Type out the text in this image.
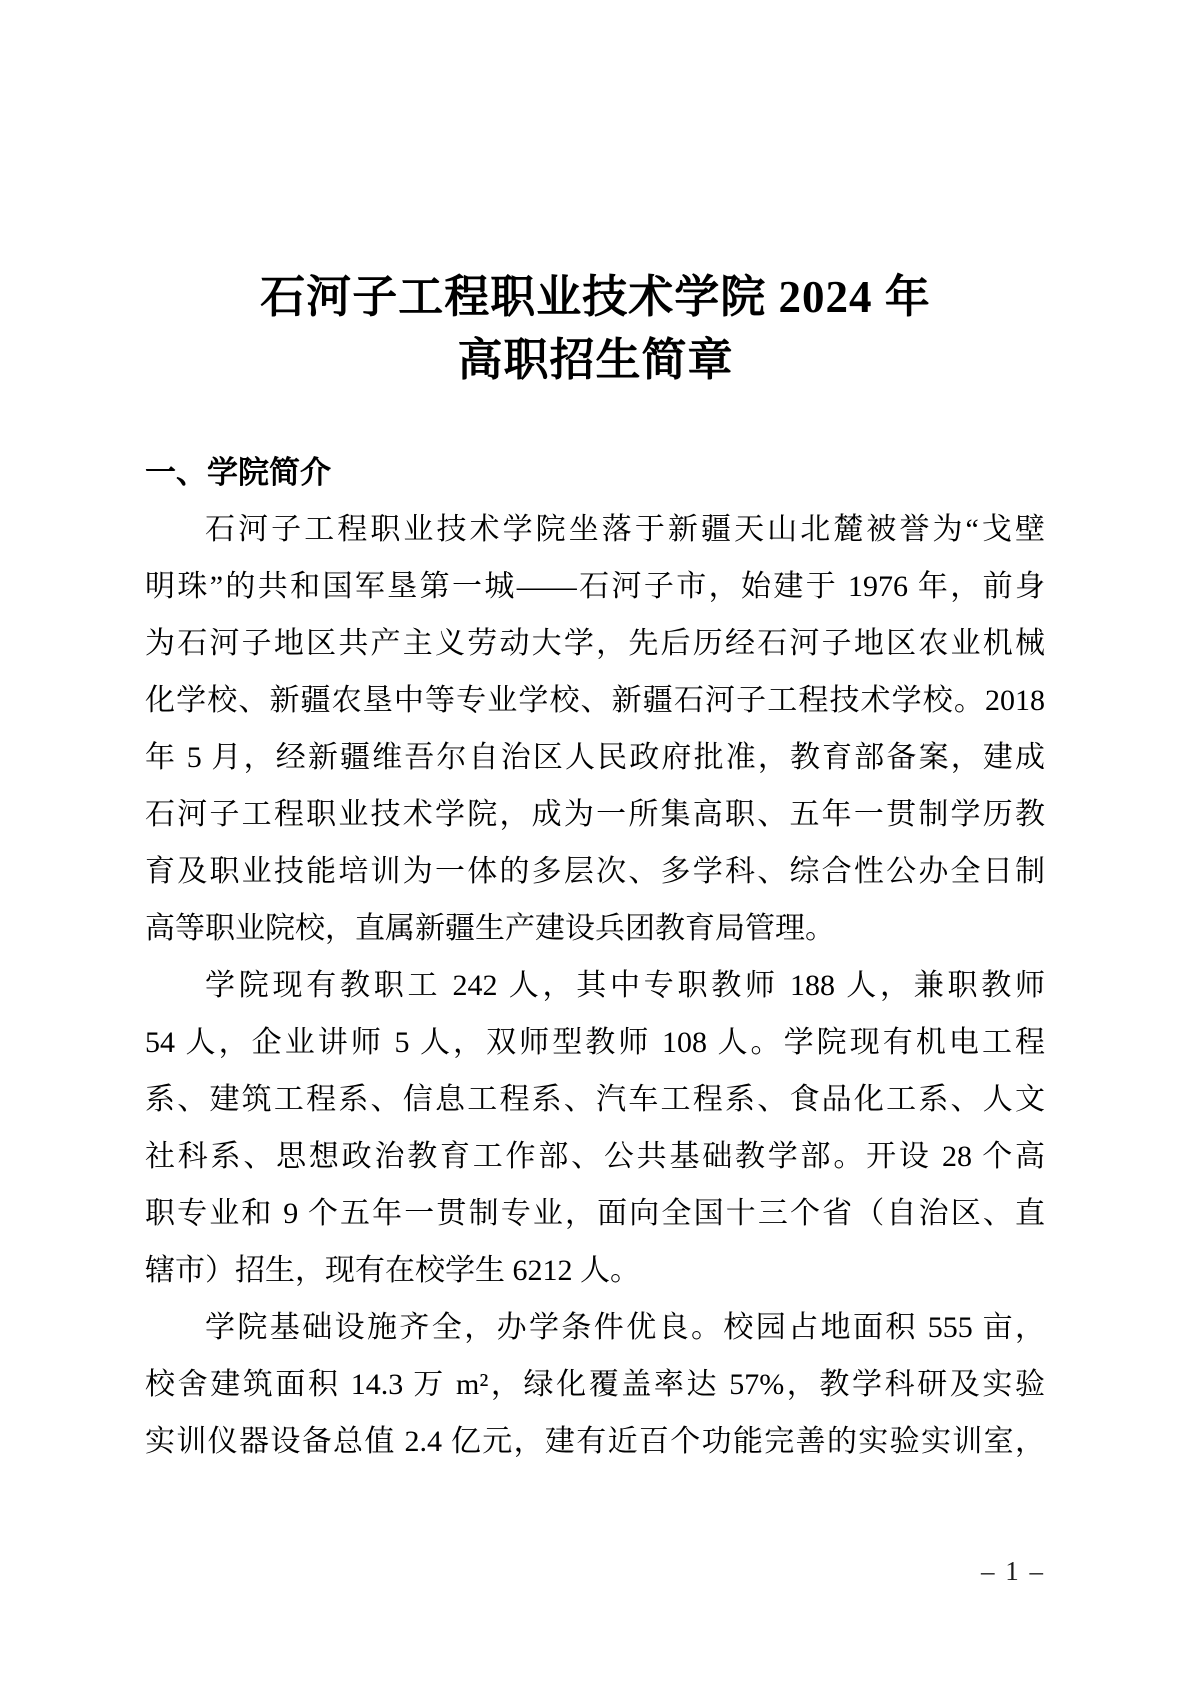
石河子工程职业技术学院 2024 年
高职招生简章
一、学院简介
石河子工程职业技术学院坐落于新疆天山北麓被誉为“戈壁
明珠”的共和国军垦第一城——石河子市，始建于 1976 年，前身
为石河子地区共产主义劳动大学，先后历经石河子地区农业机械
化学校、新疆农垦中等专业学校、新疆石河子工程技术学校。2018
年 5 月，经新疆维吾尔自治区人民政府批准，教育部备案，建成
石河子工程职业技术学院，成为一所集高职、五年一贯制学历教
育及职业技能培训为一体的多层次、多学科、综合性公办全日制
高等职业院校，直属新疆生产建设兵团教育局管理。
学院现有教职工 242 人，其中专职教师 188 人，兼职教师
54 人，企业讲师 5 人，双师型教师 108 人。学院现有机电工程
系、建筑工程系、信息工程系、汽车工程系、食品化工系、人文
社科系、思想政治教育工作部、公共基础教学部。开设 28 个高
职专业和 9 个五年一贯制专业，面向全国十三个省（自治区、直
辖市）招生，现有在校学生 6212 人。
学院基础设施齐全，办学条件优良。校园占地面积 555 亩，
校舍建筑面积 14.3 万 m²，绿化覆盖率达 57%，教学科研及实验
实训仪器设备总值 2.4 亿元，建有近百个功能完善的实验实训室，
– 1 –
